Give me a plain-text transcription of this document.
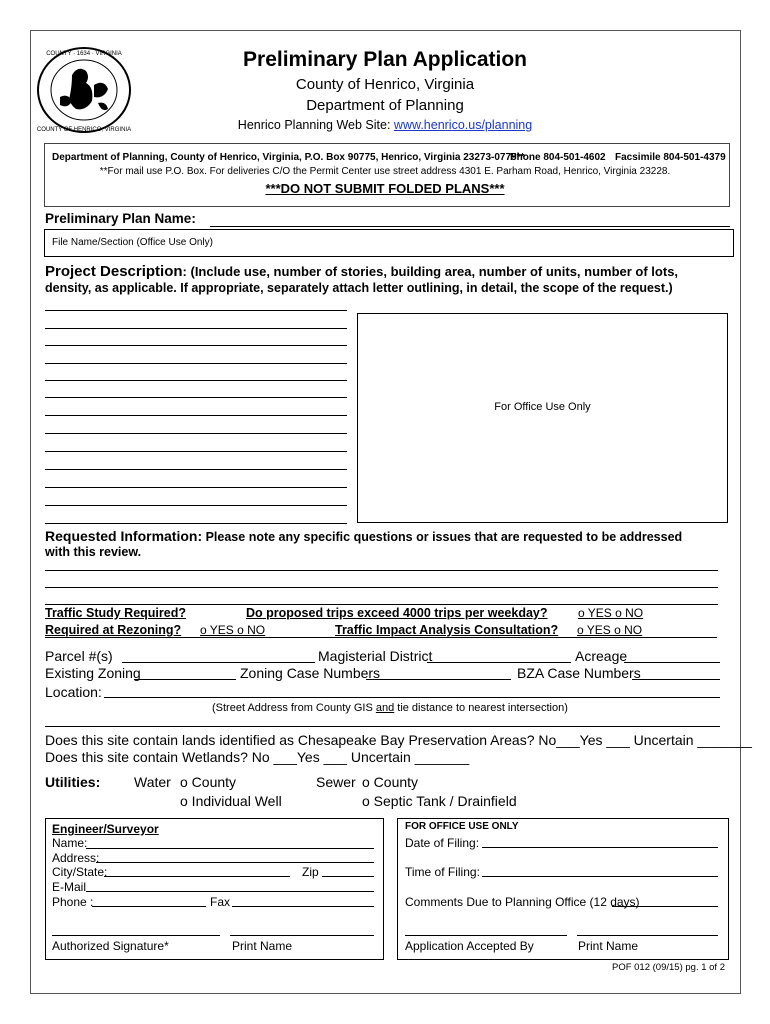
COUNTY · 1634 · VIRGINIA
COUNTY OF HENRICO, VIRGINIA
Preliminary Plan Application
County of Henrico, Virginia
Department of Planning
Henrico Planning Web Site: www.henrico.us/planning
Department of Planning, County of Henrico, Virginia, P.O. Box 90775, Henrico, Virginia 23273-0775**
Phone 804-501-4602 Facsimile 804-501-4379
**For mail use P.O. Box. For deliveries C/O the Permit Center use street address 4301 E. Parham Road, Henrico, Virginia 23228.
***DO NOT SUBMIT FOLDED PLANS***
Preliminary Plan Name:
File Name/Section (Office Use Only)
Project Description: (Include use, number of stories, building area, number of units, number of lots,
density, as applicable. If appropriate, separately attach letter outlining, in detail, the scope of the request.)
For Office Use Only
Requested Information: Please note any specific questions or issues that are requested to be addressed
with this review.
Traffic Study Required?	Do proposed trips exceed 4000 trips per weekday?	o YES o NO
Required at Rezoning? o YES o NO	Traffic Impact Analysis Consultation? o YES o NO
Parcel #(s)	Magisterial District	Acreage
Existing Zoning	Zoning Case Numbers	BZA Case Numbers
Location:
(Street Address from County GIS and tie distance to nearest intersection)
Does this site contain lands identified as Chesapeake Bay Preservation Areas? No___Yes ___ Uncertain _______
Does this site contain Wetlands? No ___Yes ___ Uncertain _______
Utilities: Water o County
o Individual Well
Sewer o County
o Septic Tank / Drainfield
Engineer/Surveyor
Name:
Address:
City/State:	Zip
E-Mail
Phone :	Fax
Authorized Signature*	Print Name
FOR OFFICE USE ONLY
Date of Filing:
Time of Filing:
Comments Due to Planning Office (12 days)
Application Accepted By	Print Name
POF 012 (09/15) pg. 1 of 2
